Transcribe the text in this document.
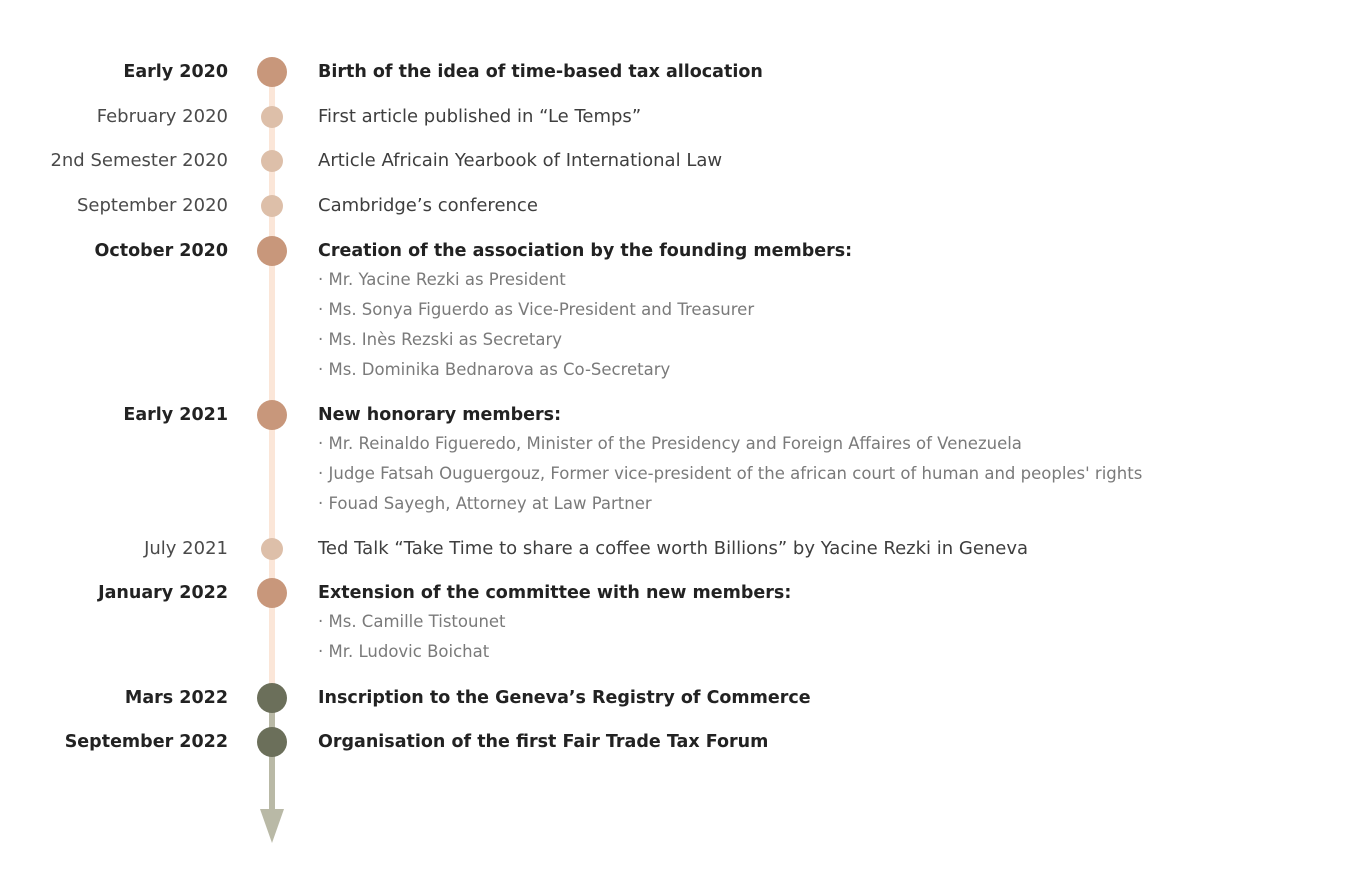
Early 2020	Birth of the idea of time-based tax allocation
February 2020	First article published in “Le Temps”
2nd Semester 2020	Article Africain Yearbook of International Law
September 2020	Cambridge’s conference
October 2020	Creation of the association by the founding members:
· Mr. Yacine Rezki as President
· Ms. Sonya Figuerdo as Vice-President and Treasurer
· Ms. Inès Rezski as Secretary
· Ms. Dominika Bednarova as Co-Secretary
Early 2021	New honorary members:
· Mr. Reinaldo Figueredo, Minister of the Presidency and Foreign Affaires of Venezuela
· Judge Fatsah Ouguergouz, Former vice-president of the african court of human and peoples' rights
· Fouad Sayegh, Attorney at Law Partner
July 2021	Ted Talk “Take Time to share a coffee worth Billions” by Yacine Rezki in Geneva
January 2022	Extension of the committee with new members:
· Ms. Camille Tistounet
· Mr. Ludovic Boichat
Mars 2022	Inscription to the Geneva’s Registry of Commerce
September 2022	Organisation of the first Fair Trade Tax Forum
